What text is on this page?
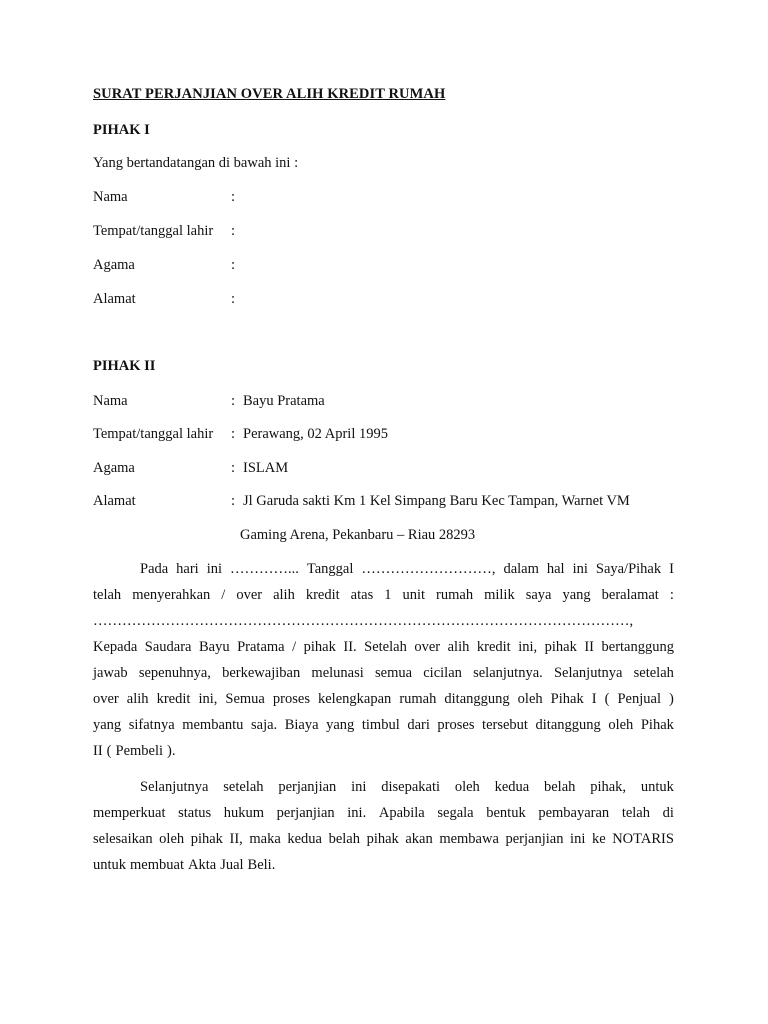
SURAT PERJANJIAN OVER ALIH KREDIT RUMAH
PIHAK I
Yang bertandatangan di bawah ini :
Nama	:
Tempat/tanggal lahir :
Agama	:
Alamat	:
PIHAK II
Nama	: Bayu Pratama
Tempat/tanggal lahir : Perawang, 02 April 1995
Agama	: ISLAM
Alamat	: Jl Garuda sakti Km 1 Kel Simpang Baru Kec Tampan, Warnet VM
Gaming Arena, Pekanbaru – Riau 28293
Pada hari ini …………... Tanggal ………………………, dalam hal ini Saya/Pihak I
telah menyerahkan / over alih kredit atas 1 unit rumah milik saya yang beralamat :
…………………………………………………………………………………………………,
Kepada Saudara Bayu Pratama / pihak II. Setelah over alih kredit ini, pihak II bertanggung
jawab sepenuhnya, berkewajiban melunasi semua cicilan selanjutnya. Selanjutnya setelah
over alih kredit ini, Semua proses kelengkapan rumah ditanggung oleh Pihak I ( Penjual )
yang sifatnya membantu saja. Biaya yang timbul dari proses tersebut ditanggung oleh Pihak
II ( Pembeli ).
Selanjutnya setelah perjanjian ini disepakati oleh kedua belah pihak, untuk
memperkuat status hukum perjanjian ini. Apabila segala bentuk pembayaran telah di
selesaikan oleh pihak II, maka kedua belah pihak akan membawa perjanjian ini ke NOTARIS
untuk membuat Akta Jual Beli.
